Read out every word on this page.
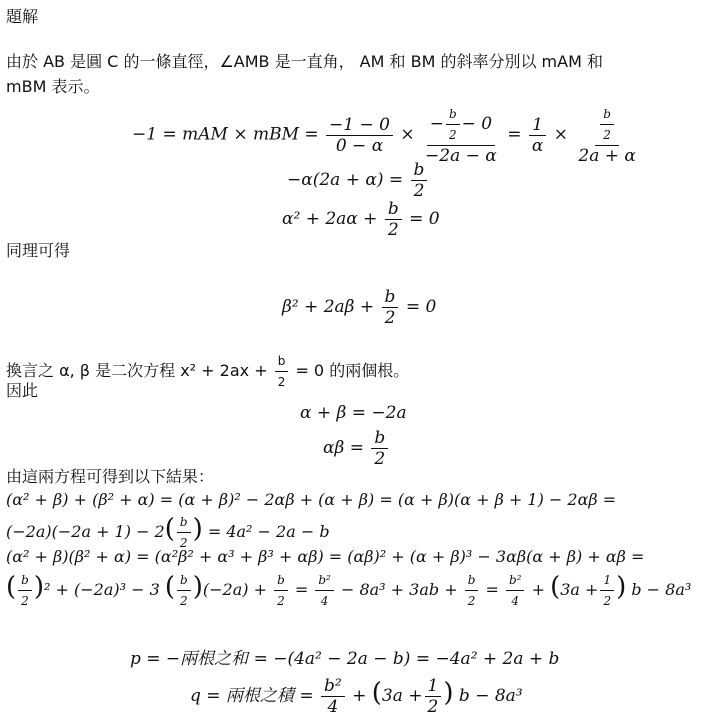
題解
由於 AB 是圓 C 的一條直徑，∠AMB 是一直角， AM 和 BM 的斜率分別以 mAM 和
mBM 表示。
−1 = mAM × mBM = $\frac{-1 - 0}{0 - \alpha} \times \frac{- \frac{b}{2} - 0}{-2a - \alpha} = \frac{1}{\alpha} \times \frac{\frac{b}{2}}{2a + \alpha}$
$-\alpha(2a + \alpha) = \frac{b}{2}$
$\alpha^2 + 2a\alpha + \frac{b}{2} = 0$
同理可得
$\beta^2 + 2a\beta + \frac{b}{2} = 0$
換言之 α, β 是二次方程 $x^2 + 2ax + \frac{b}{2} = 0$ 的兩個根。
因此
α + β = −2a
$\alpha\beta = \frac{b}{2}$
由這兩方程可得到以下結果：
(α² + β) + (β² + α) = (α + β)² − 2αβ + (α + β) = (α + β)(α + β + 1) − 2αβ =
$(-2a)(-2a + 1) - 2( \frac{b}{2}$ ) = 4a² − 2a − b
(α² + β)(β² + α) = (α²β² + α³ + β³ + αβ) = (αβ)² + (α + β)³ − 3αβ(α + β) + αβ =
( $\frac{b}{2} )^2 + (-2a)^3 - 3$ ( $\frac{b}{2} )(-2a) + \frac{b}{2} = \frac{\text{b²}}{4} - 8a^3 + 3ab + \frac{b}{2} = \frac{\text{b²}}{4} + (3a + \frac{1}{2}$ ) b − 8a³
p = −兩根之和 = −(4a² − 2a − b) = −4a² + 2a + b
q = 兩根之積 = $\frac{\text{b²}}{4} + (3a + \frac{1}{2}$ ) b − 8a³
